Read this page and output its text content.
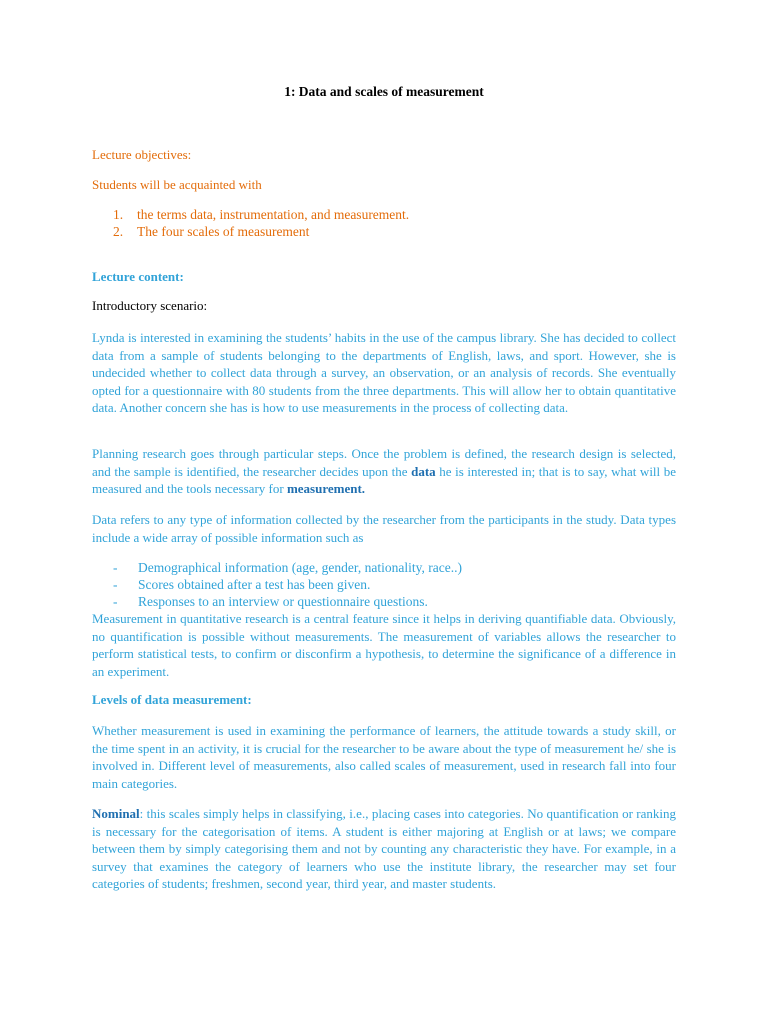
1: Data and scales of measurement
Lecture objectives:
Students will be acquainted with
1.	the terms data, instrumentation, and measurement.
2.	The four scales of measurement
Lecture content:
Introductory scenario:
Lynda is interested in examining the students’ habits in the use of the campus library. She has decided to collect data from a sample of students belonging to the departments of English, laws, and sport. However, she is undecided whether to collect data through a survey, an observation, or an analysis of records. She eventually opted for a questionnaire with 80 students from the three departments. This will allow her to obtain quantitative data. Another concern she has is how to use measurements in the process of collecting data.
Planning research goes through particular steps. Once the problem is defined, the research design is selected, and the sample is identified, the researcher decides upon the data he is interested in; that is to say, what will be measured and the tools necessary for measurement.
Data refers to any type of information collected by the researcher from the participants in the study. Data types include a wide array of possible information such as
-	Demographical information (age, gender, nationality, race..)
-	Scores obtained after a test has been given.
-	Responses to an interview or questionnaire questions.
Measurement in quantitative research is a central feature since it helps in deriving quantifiable data. Obviously, no quantification is possible without measurements. The measurement of variables allows the researcher to perform statistical tests, to confirm or disconfirm a hypothesis, to determine the significance of a difference in an experiment.
Levels of data measurement:
Whether measurement is used in examining the performance of learners, the attitude towards a study skill, or the time spent in an activity, it is crucial for the researcher to be aware about the type of measurement he/ she is involved in. Different level of measurements, also called scales of measurement, used in research fall into four main categories.
Nominal: this scales simply helps in classifying, i.e., placing cases into categories. No quantification or ranking is necessary for the categorisation of items. A student is either majoring at English or at laws; we compare between them by simply categorising them and not by counting any characteristic they have. For example, in a survey that examines the category of learners who use the institute library, the researcher may set four categories of students; freshmen, second year, third year, and master students.
